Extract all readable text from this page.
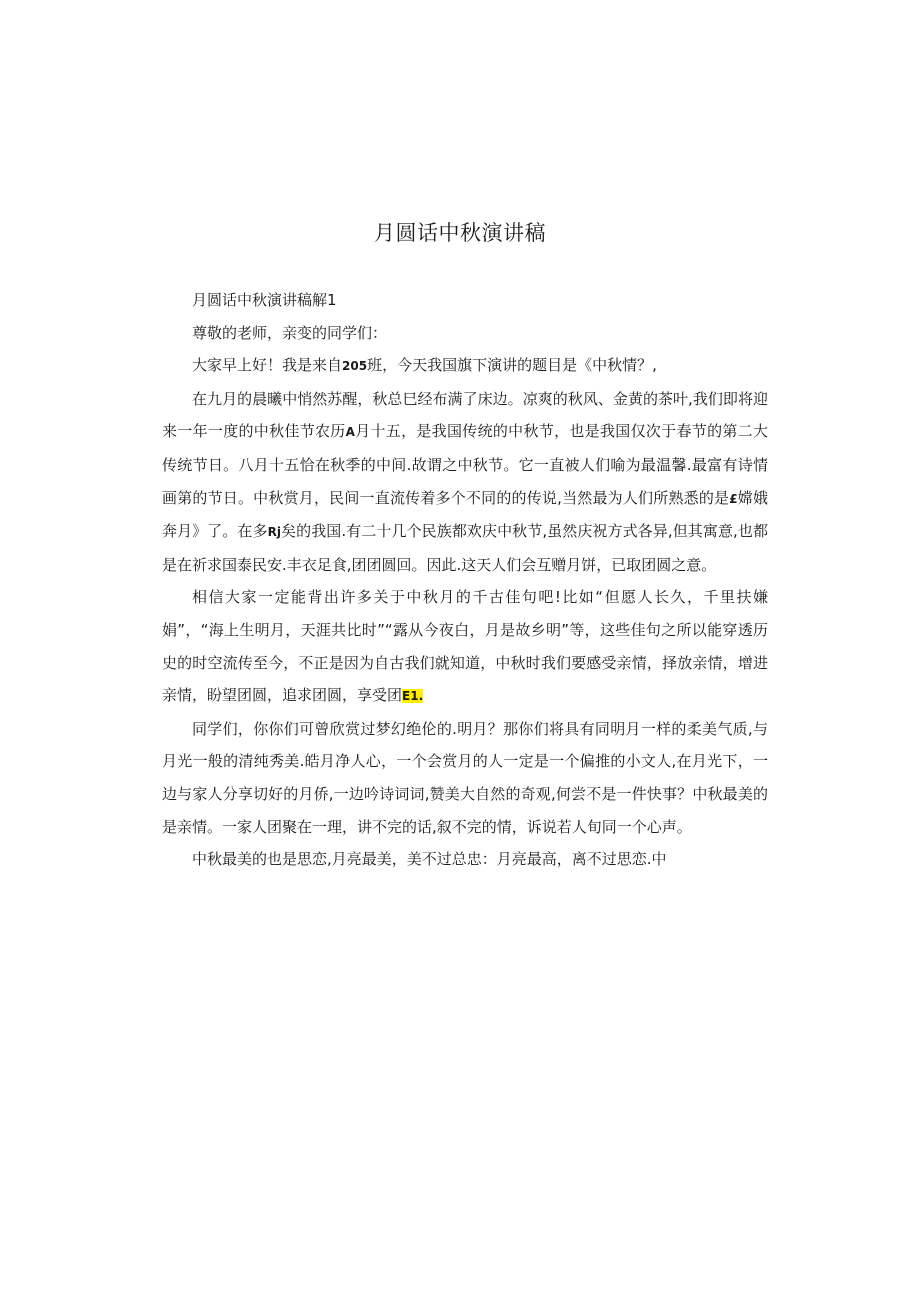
月圆话中秋演讲稿

月圆话中秋演讲稿解1

尊敬的老师，亲变的同学们：

大家早上好！我是来自205班，今天我国旗下演讲的题目是《中秋情？,

在九月的晨曦中悄然苏醒，秋总巳经布满了床边。凉爽的秋风、金黄的茶叶,我们即将迎来一年一度的中秋佳节农历A月十五，是我国传统的中秋节，也是我国仅次于春节的第二大传统节日。八月十五恰在秋季的中间.故谓之中秋节。它一直被人们喻为最温馨.最富有诗情画第的节日。中秋赏月，民间一直流传着多个不同的的传说,当然最为人们所熟悉的是£嫦娥奔月》了。在多Rj矣的我国.有二十几个民族都欢庆中秋节,虽然庆祝方式各异,但其寓意,也都是在祈求国泰民安.丰衣足食,团团圆回。因此.这天人们会互赠月饼，已取团圆之意。

相信大家一定能背出许多关于中秋月的千古佳句吧!比如“但愿人长久，千里扶嫌娟”，“海上生明月，天涯共比时”“露从今夜白，月是故乡明”等，这些佳句之所以能穿透历史的时空流传至今，不正是因为自古我们就知道，中秋时我们要感受亲情，择放亲情，增进亲情，盼望团圆，追求团圆，享受团E1.

同学们，你你们可曾欣赏过梦幻绝伦的.明月？那你们将具有同明月一样的柔美气质,与月光一般的清纯秀美.皓月净人心，一个会赏月的人一定是一个偏推的小文人,在月光下，一边与家人分享切好的月侨,一边吟诗词词,赞美大自然的奇观,何尝不是一件快事？中秋最美的是亲情。一家人团聚在一理，讲不完的话,叙不完的情，诉说若人旬同一个心声。

中秋最美的也是思恋,月亮最美，美不过总忠：月亮最高，离不过思恋.中
